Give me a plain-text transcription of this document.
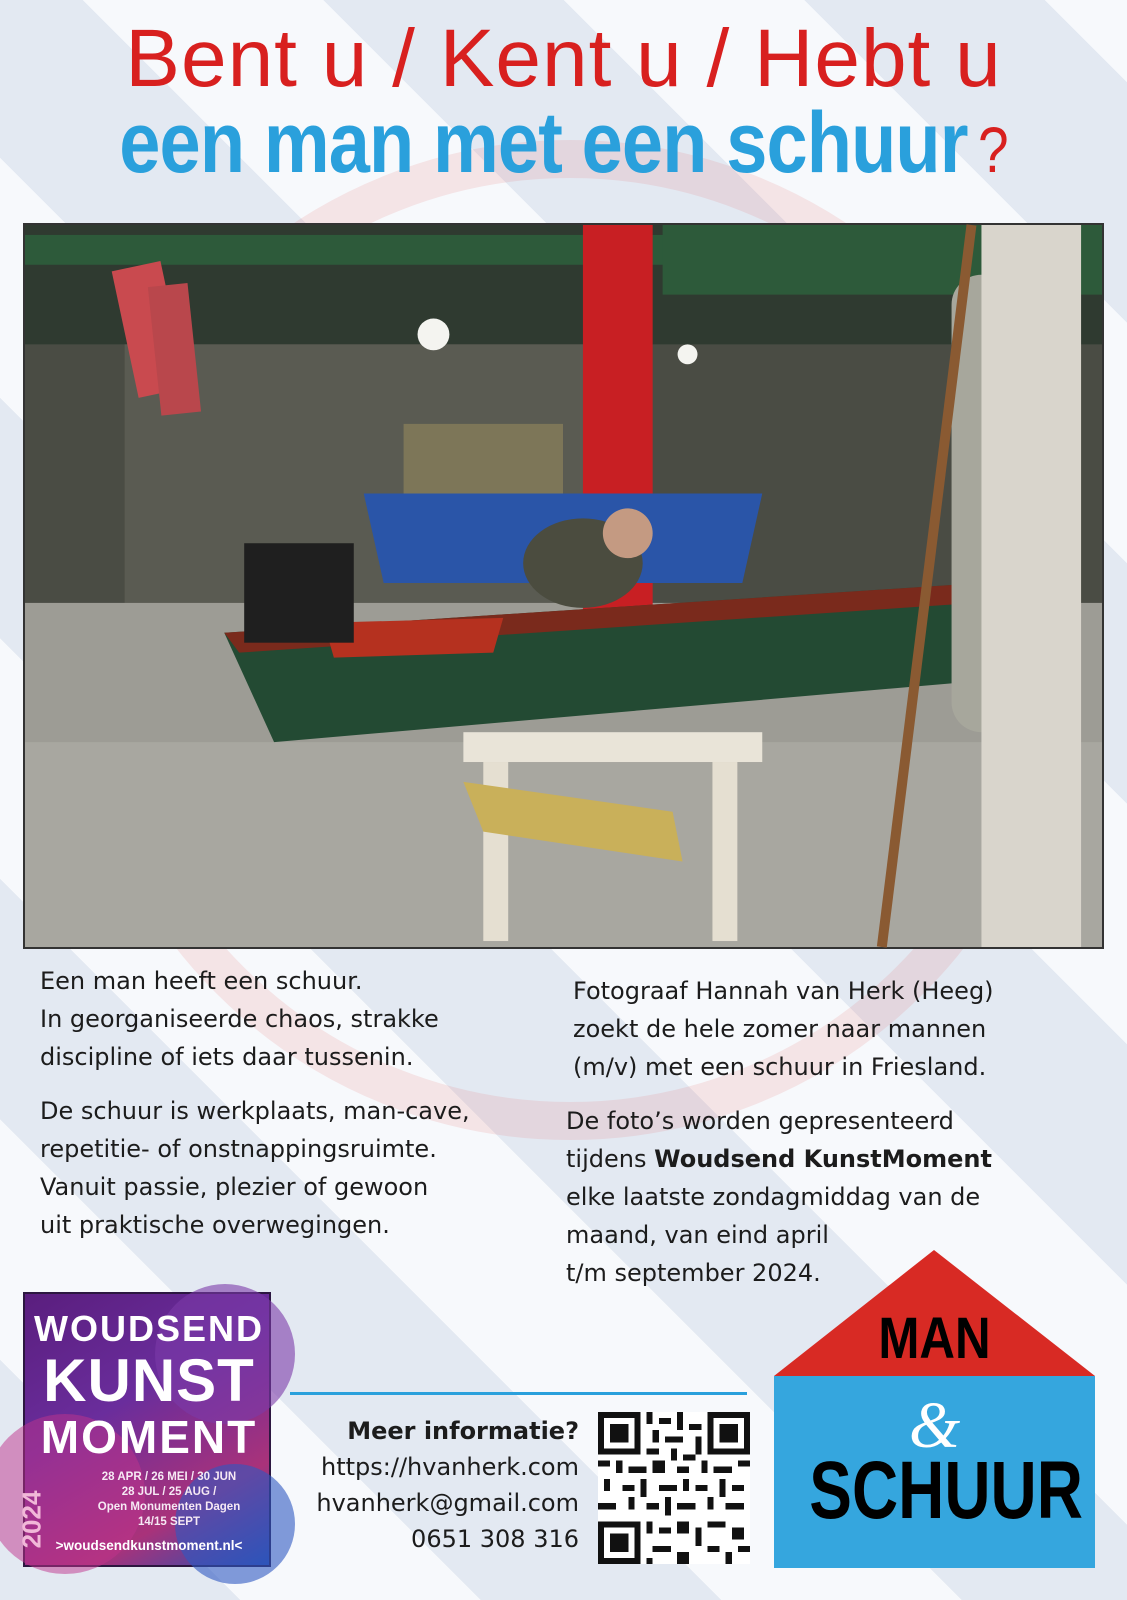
Bent u / Kent u / Hebt u
een man met een schuur ?
Een man heeft een schuur.
In georganiseerde chaos, strakke
discipline of iets daar tussenin.
De schuur is werkplaats, man-cave,
repetitie- of onstnappingsruimte.
Vanuit passie, plezier of gewoon
uit praktische overwegingen.
Fotograaf Hannah van Herk (Heeg)
zoekt de hele zomer naar mannen
(m/v) met een schuur in Friesland.
De foto’s worden gepresenteerd
tijdens Woudsend KunstMoment
elke laatste zondagmiddag van de
maand, van eind april
t/m september 2024.
WOUDSEND
KUNST
MOMENT
2024
28 APR / 26 MEI / 30 JUN
28 JUL / 25 AUG /
Open Monumenten Dagen
14/15 SEPT
>woudsendkunstmoment.nl<
Meer informatie?
https://hvanherk.com
hvanherk@gmail.com
0651 308 316
MAN
&
SCHUUR
